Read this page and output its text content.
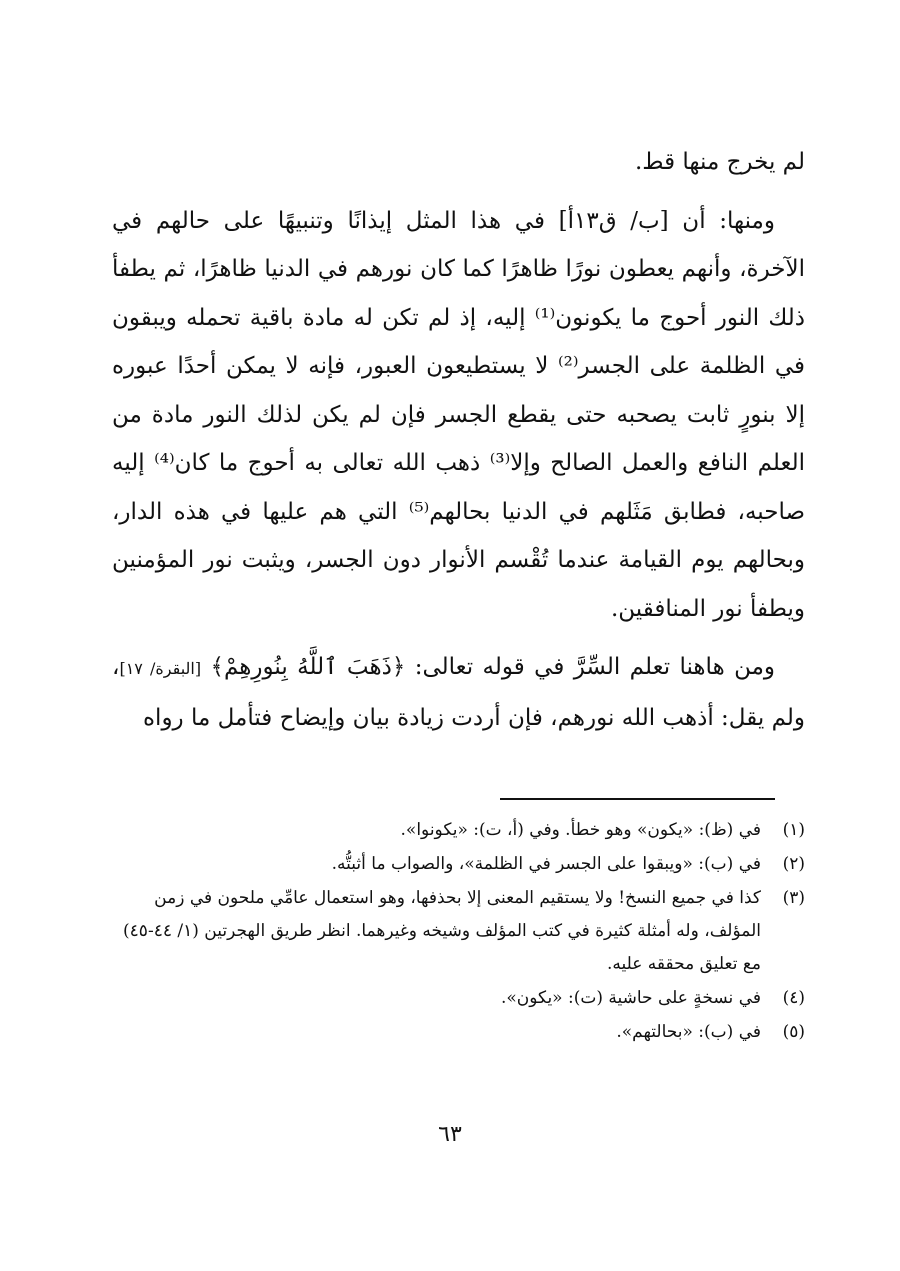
لم يخرج منها قط.

ومنها: أن [ب/ ق١٣أ] في هذا المثل إيذانًا وتنبيهًا على حالهم في الآخرة، وأنهم يعطون نورًا ظاهرًا كما كان نورهم في الدنيا ظاهرًا، ثم يطفأ ذلك النور أحوج ما يكونون⁽¹⁾ إليه، إذ لم تكن له مادة باقية تحمله ويبقون في الظلمة على الجسر⁽²⁾ لا يستطيعون العبور، فإنه لا يمكن أحدًا عبوره إلا بنورٍ ثابت يصحبه حتى يقطع الجسر فإن لم يكن لذلك النور مادة من العلم النافع والعمل الصالح وإلا⁽³⁾ ذهب الله تعالى به أحوج ما كان⁽⁴⁾ إليه صاحبه، فطابق مَثَلهم في الدنيا بحالهم⁽⁵⁾ التي هم عليها في هذه الدار، وبحالهم يوم القيامة عندما تُقْسم الأنوار دون الجسر، ويثبت نور المؤمنين ويطفأ نور المنافقين.

ومن هاهنا تعلم السِّرَّ في قوله تعالى: ﴿ذَهَبَ ٱللَّهُ بِنُورِهِمْ﴾ [البقرة/ ١٧]، ولم يقل: أذهب الله نورهم، فإن أردت زيادة بيان وإيضاح فتأمل ما رواه

(١)
في (ظ): «يكون» وهو خطأ. وفي (أ، ت): «يكونوا».
(٢)
في (ب): «ويبقوا على الجسر في الظلمة»، والصواب ما أثبتُّه.
(٣)
كذا في جميع النسخ! ولا يستقيم المعنى إلا بحذفها، وهو استعمال عامِّي ملحون في زمن المؤلف، وله أمثلة كثيرة في كتب المؤلف وشيخه وغيرهما. انظر طريق الهجرتين (١/ ٤٤-٤٥) مع تعليق محققه عليه.
(٤)
في نسخةٍ على حاشية (ت): «يكون».
(٥)
في (ب): «بحالتهم».
٦٣
